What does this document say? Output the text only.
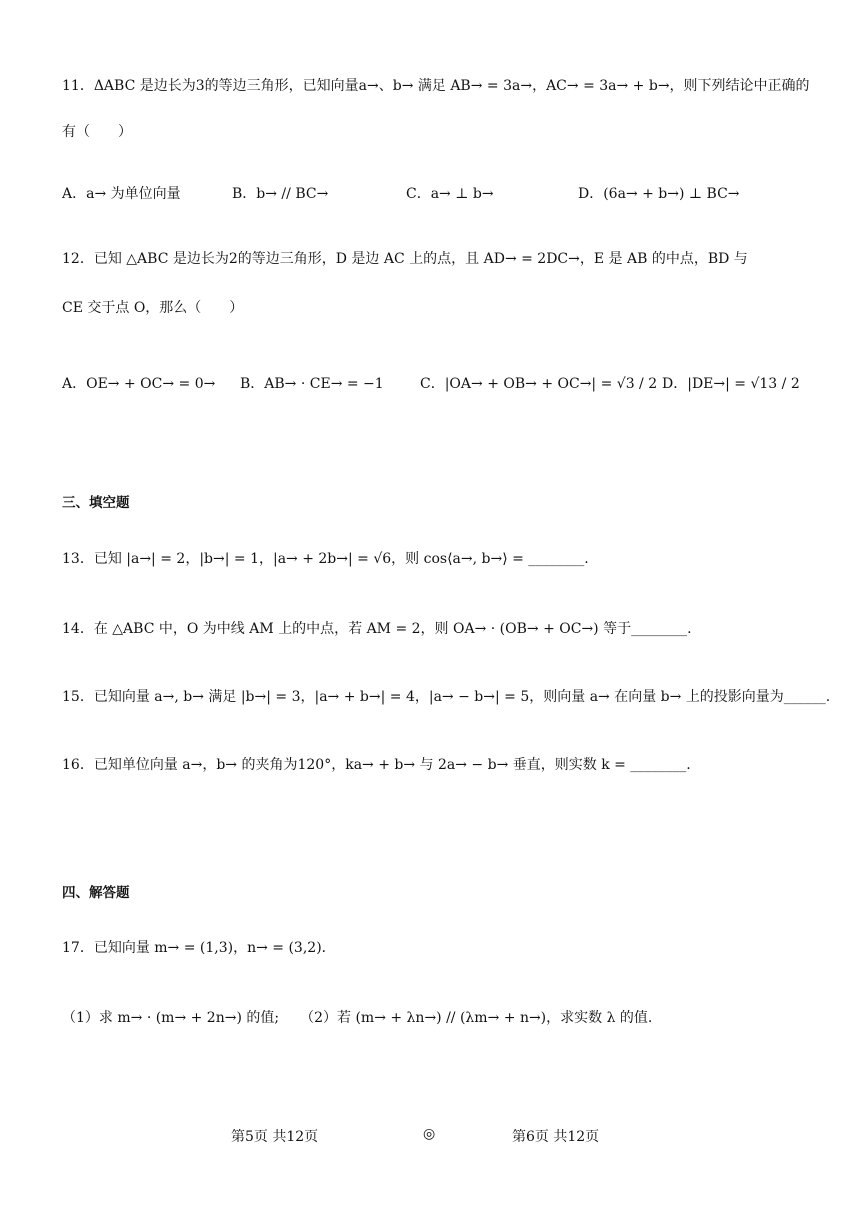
11．ΔABC 是边长为3的等边三角形，已知向量a→、b→ 满足 AB→ = 3a→，AC→ = 3a→ + b→，则下列结论中正确的
有（　　）
A．a→ 为单位向量	B．b→ // BC→	C．a→ ⊥ b→	D．(6a→ + b→) ⊥ BC→
12．已知 △ABC 是边长为2的等边三角形，D 是边 AC 上的点，且 AD→ = 2DC→，E 是 AB 的中点，BD 与
CE 交于点 O，那么（　　）
A．OE→ + OC→ = 0→ B．AB→ · CE→ = −1	C．|OA→ + OB→ + OC→| = √3 / 2 D．|DE→| = √13 / 2
三、填空题
13．已知 |a→| = 2，|b→| = 1，|a→ + 2b→| = √6，则 cos⟨a→, b→⟩ = ________.
14．在 △ABC 中，O 为中线 AM 上的中点，若 AM = 2，则 OA→ · (OB→ + OC→) 等于________.
15．已知向量 a→, b→ 满足 |b→| = 3，|a→ + b→| = 4，|a→ − b→| = 5，则向量 a→ 在向量 b→ 上的投影向量为______.
16．已知单位向量 a→，b→ 的夹角为120°，ka→ + b→ 与 2a→ − b→ 垂直，则实数 k = ________.
四、解答题
17．已知向量 m→ = (1,3)，n→ = (3,2)．
（1）求 m→ · (m→ + 2n→) 的值;　　（2）若 (m→ + λn→) // (λm→ + n→)，求实数 λ 的值.
第5页 共12页	◎	第6页 共12页
